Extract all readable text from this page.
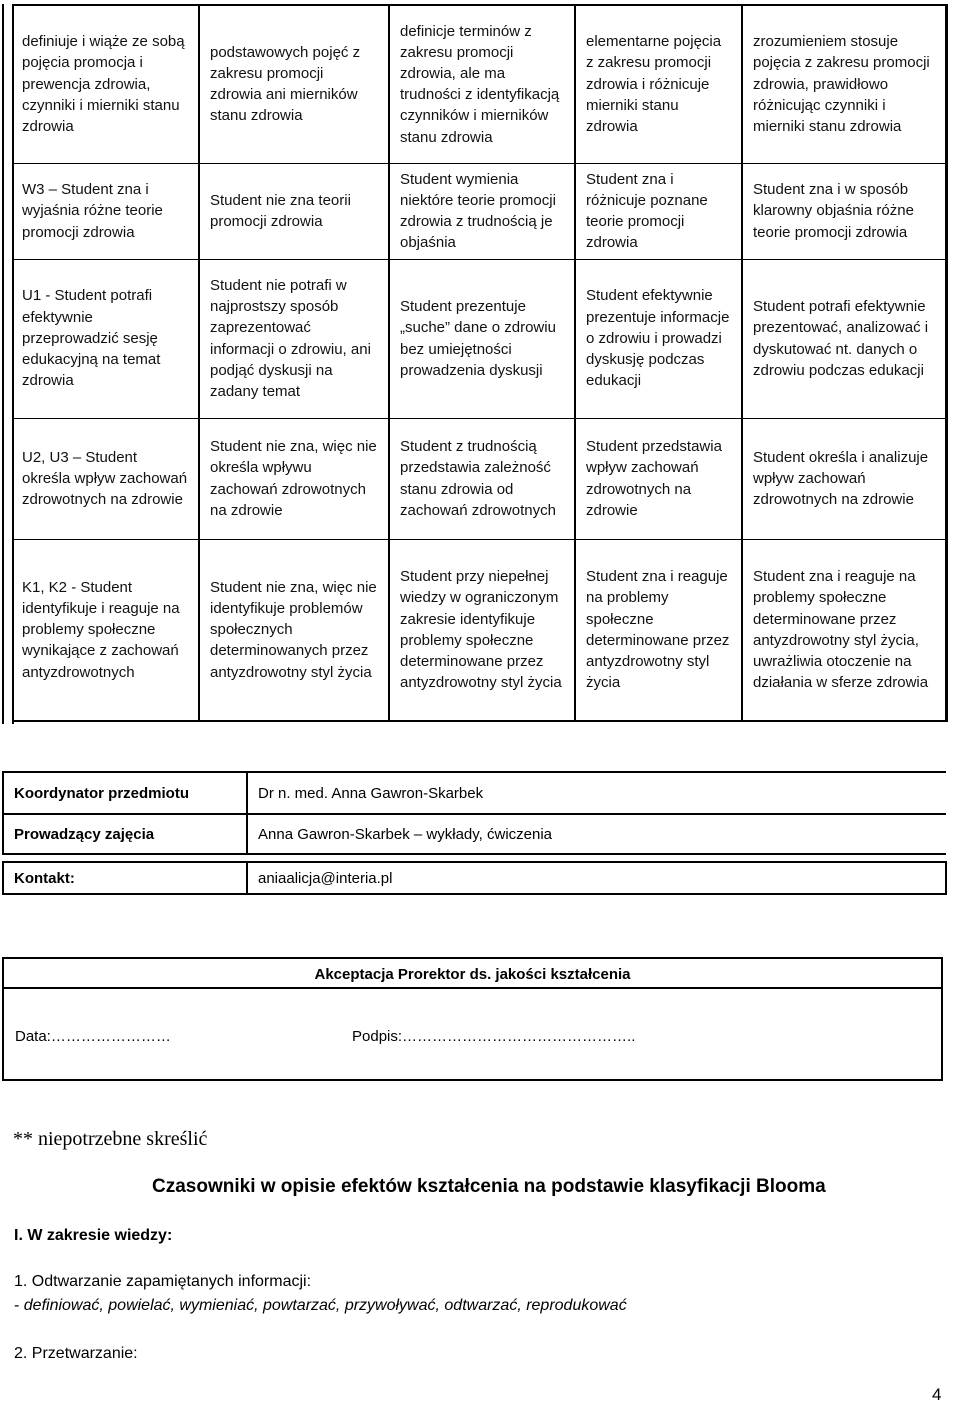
definiuje i wiąże ze sobą pojęcia promocja i prewencja zdrowia, czynniki i mierniki stanu zdrowia	podstawowych pojęć z zakresu promocji zdrowia ani mierników stanu zdrowia	definicje terminów z zakresu promocji zdrowia, ale ma trudności z identyfikacją czynników i mierników stanu zdrowia	elementarne pojęcia z zakresu promocji zdrowia i różnicuje mierniki stanu zdrowia	zrozumieniem stosuje pojęcia z zakresu promocji zdrowia, prawidłowo różnicując czynniki i mierniki stanu zdrowia
W3 – Student zna i wyjaśnia różne teorie promocji zdrowia	Student nie zna teorii promocji zdrowia	Student wymienia niektóre teorie promocji zdrowia z trudnością je objaśnia	Student zna i różnicuje poznane teorie promocji zdrowia	Student zna i w sposób klarowny objaśnia różne teorie promocji zdrowia
U1 - Student potrafi efektywnie przeprowadzić sesję edukacyjną na temat zdrowia	Student nie potrafi w najprostszy sposób zaprezentować informacji o zdrowiu, ani podjąć dyskusji na zadany temat	Student prezentuje „suche” dane o zdrowiu bez umiejętności prowadzenia dyskusji	Student efektywnie prezentuje informacje o zdrowiu i prowadzi dyskusję podczas edukacji	Student potrafi efektywnie prezentować, analizować i dyskutować nt. danych o zdrowiu podczas edukacji
U2, U3 – Student określa wpływ zachowań zdrowotnych na zdrowie	Student nie zna, więc nie określa wpływu zachowań zdrowotnych na zdrowie	Student z trudnością przedstawia zależność stanu zdrowia od zachowań zdrowotnych	Student przedstawia wpływ zachowań zdrowotnych na zdrowie	Student określa i analizuje wpływ zachowań zdrowotnych na zdrowie
K1, K2 - Student identyfikuje i reaguje na problemy społeczne wynikające z zachowań antyzdrowotnych	Student nie zna, więc nie identyfikuje problemów społecznych determinowanych przez antyzdrowotny styl życia	Student przy niepełnej wiedzy w ograniczonym zakresie identyfikuje problemy społeczne determinowane przez antyzdrowotny styl życia	Student zna i reaguje na problemy społeczne determinowane przez antyzdrowotny styl życia	Student zna i reaguje na problemy społeczne determinowane przez antyzdrowotny styl życia, uwrażliwia otoczenie na działania w sferze zdrowia
Koordynator przedmiotu	Dr n. med. Anna Gawron-Skarbek
Prowadzący zajęcia	Anna Gawron-Skarbek – wykłady, ćwiczenia

Kontakt:	aniaalicja@interia.pl
Akceptacja Prorektor ds. jakości kształcenia
Data:……………………	Podpis:………………………………………..
** niepotrzebne skreślić
Czasowniki w opisie efektów kształcenia na podstawie klasyfikacji Blooma
I. W zakresie wiedzy:
1. Odtwarzanie zapamiętanych informacji:
- definiować, powielać, wymieniać, powtarzać, przywoływać, odtwarzać, reprodukować
2. Przetwarzanie:
4
